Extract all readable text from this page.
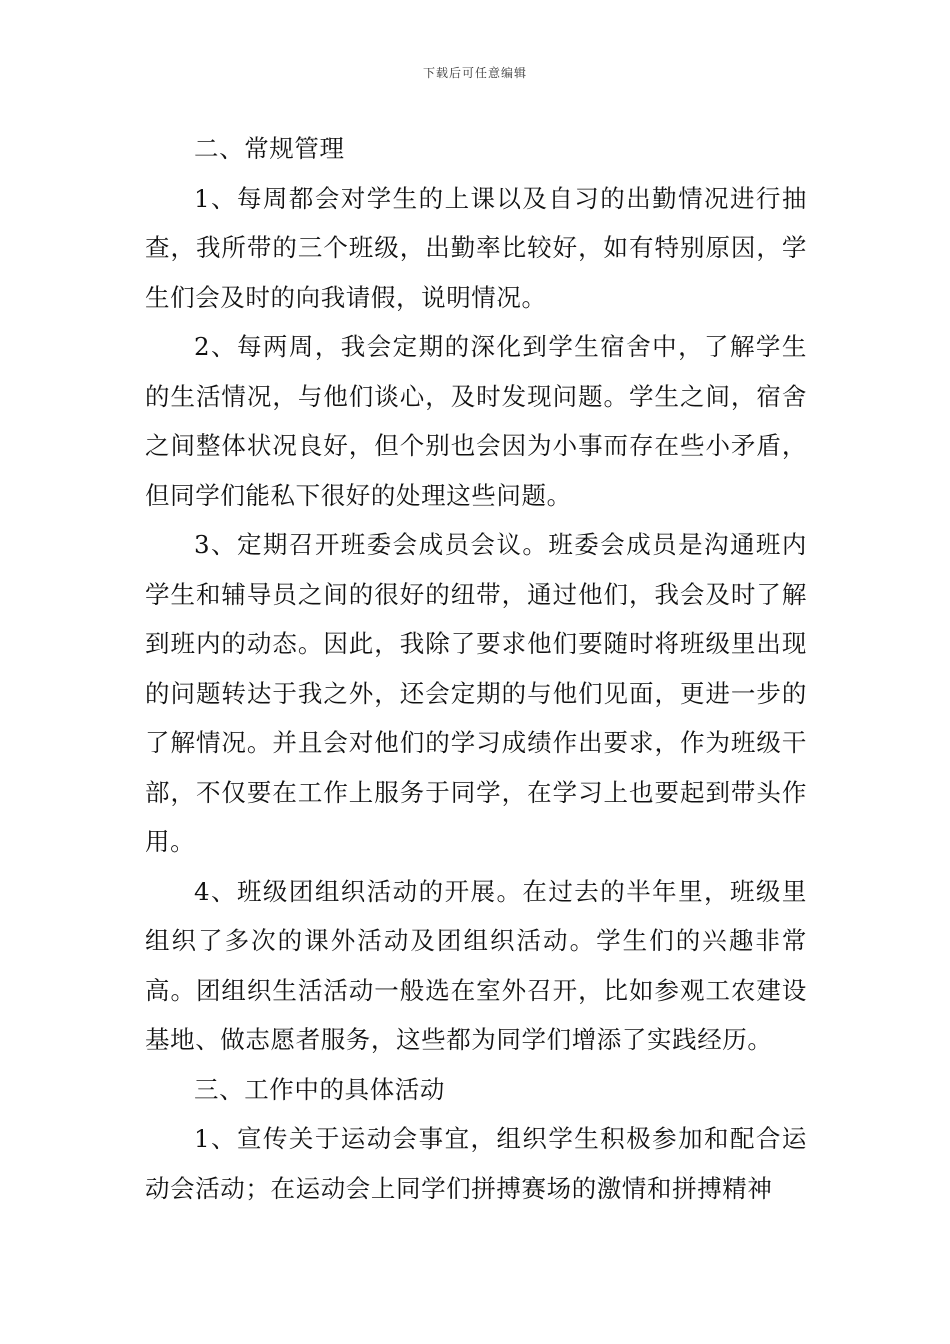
下载后可任意编辑

二、常规管理

1、每周都会对学生的上课以及自习的出勤情况进行抽查，我所带的三个班级，出勤率比较好，如有特别原因，学生们会及时的向我请假，说明情况。

2、每两周，我会定期的深化到学生宿舍中，了解学生的生活情况，与他们谈心，及时发现问题。学生之间，宿舍之间整体状况良好，但个别也会因为小事而存在些小矛盾，但同学们能私下很好的处理这些问题。

3、定期召开班委会成员会议。班委会成员是沟通班内学生和辅导员之间的很好的纽带，通过他们，我会及时了解到班内的动态。因此，我除了要求他们要随时将班级里出现的问题转达于我之外，还会定期的与他们见面，更进一步的了解情况。并且会对他们的学习成绩作出要求，作为班级干部，不仅要在工作上服务于同学，在学习上也要起到带头作用。

4、班级团组织活动的开展。在过去的半年里，班级里组织了多次的课外活动及团组织活动。学生们的兴趣非常高。团组织生活活动一般选在室外召开，比如参观工农建设基地、做志愿者服务，这些都为同学们增添了实践经历。

三、工作中的具体活动

1、宣传关于运动会事宜，组织学生积极参加和配合运动会活动；在运动会上同学们拼搏赛场的激情和拼搏精神
